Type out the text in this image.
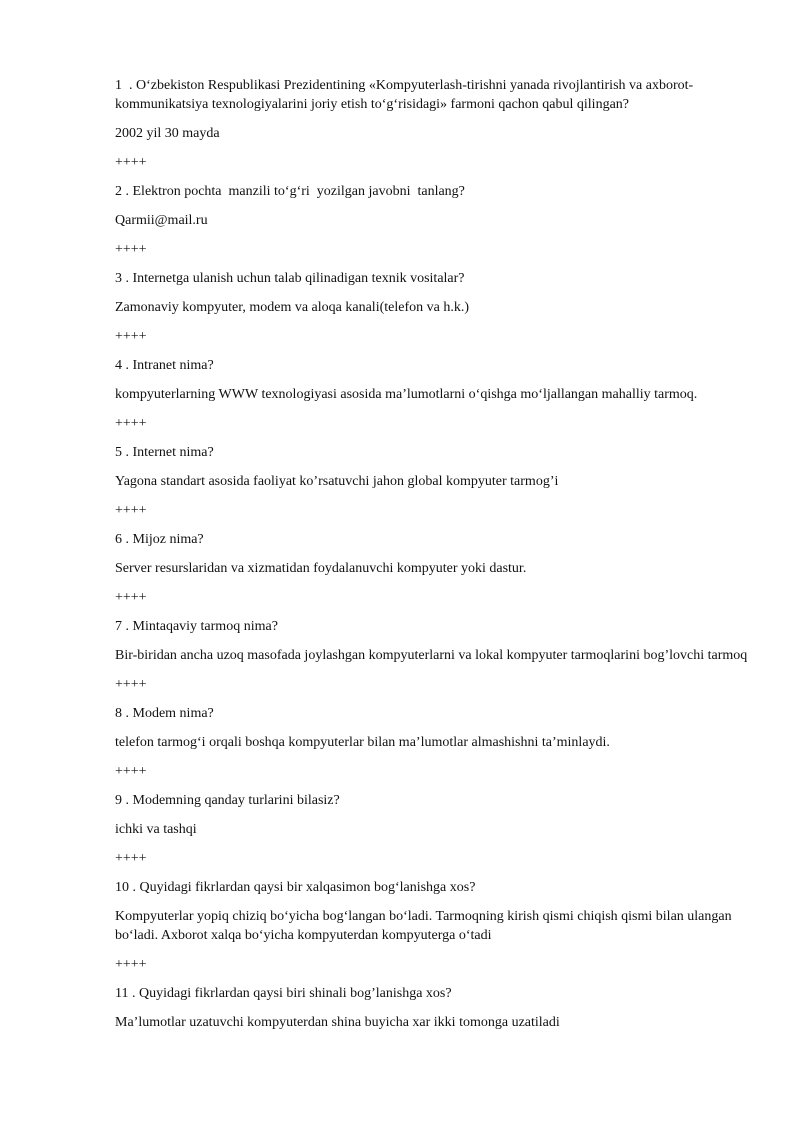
1  . O‘zbekiston Respublikasi Prezidentining «Kompyuterlash-tirishni yanada rivojlantirish va axborot-kommunikatsiya texnologiyalarini joriy etish to‘g‘risidagi» farmoni qachon qabul qilingan?

2002 yil 30 mayda

++++

2 . Elektron pochta  manzili to‘g‘ri  yozilgan javobni  tanlang?

Qarmii@mail.ru

++++

3 . Internetga ulanish uchun talab qilinadigan texnik vositalar?

Zamonaviy kompyuter, modem va aloqa kanali(telefon va h.k.)

++++

4 . Intranet nima?

kompyuterlarning WWW texnologiyasi asosida ma’lumotlarni o‘qishga mo‘ljallangan mahalliy tarmoq.

++++

5 . Internet nima?

Yagona standart asosida faoliyat ko’rsatuvchi jahon global kompyuter tarmog’i

++++

6 . Mijoz nima?

Server resurslaridan va xizmatidan foydalanuvchi kompyuter yoki dastur.

++++

7 . Mintaqaviy tarmoq nima?

Bir-biridan ancha uzoq masofada joylashgan kompyuterlarni va lokal kompyuter tarmoqlarini bog’lovchi tarmoq

++++

8 . Modem nima?

telefon tarmog‘i orqali boshqa kompyuterlar bilan ma’lumotlar almashishni ta’minlaydi.

++++

9 . Modemning qanday turlarini bilasiz?

ichki va tashqi

++++

10 . Quyidagi fikrlardan qaysi bir xalqasimon bog‘lanishga xos?

Kompyuterlar yopiq chiziq bo‘yicha bog‘langan bo‘ladi. Tarmoqning kirish qismi chiqish qismi bilan ulangan bo‘ladi. Axborot xalqa bo‘yicha kompyuterdan kompyuterga o‘tadi

++++

11 . Quyidagi fikrlardan qaysi biri shinali bog’lanishga xos?

Ma’lumotlar uzatuvchi kompyuterdan shina buyicha xar ikki tomonga uzatiladi
